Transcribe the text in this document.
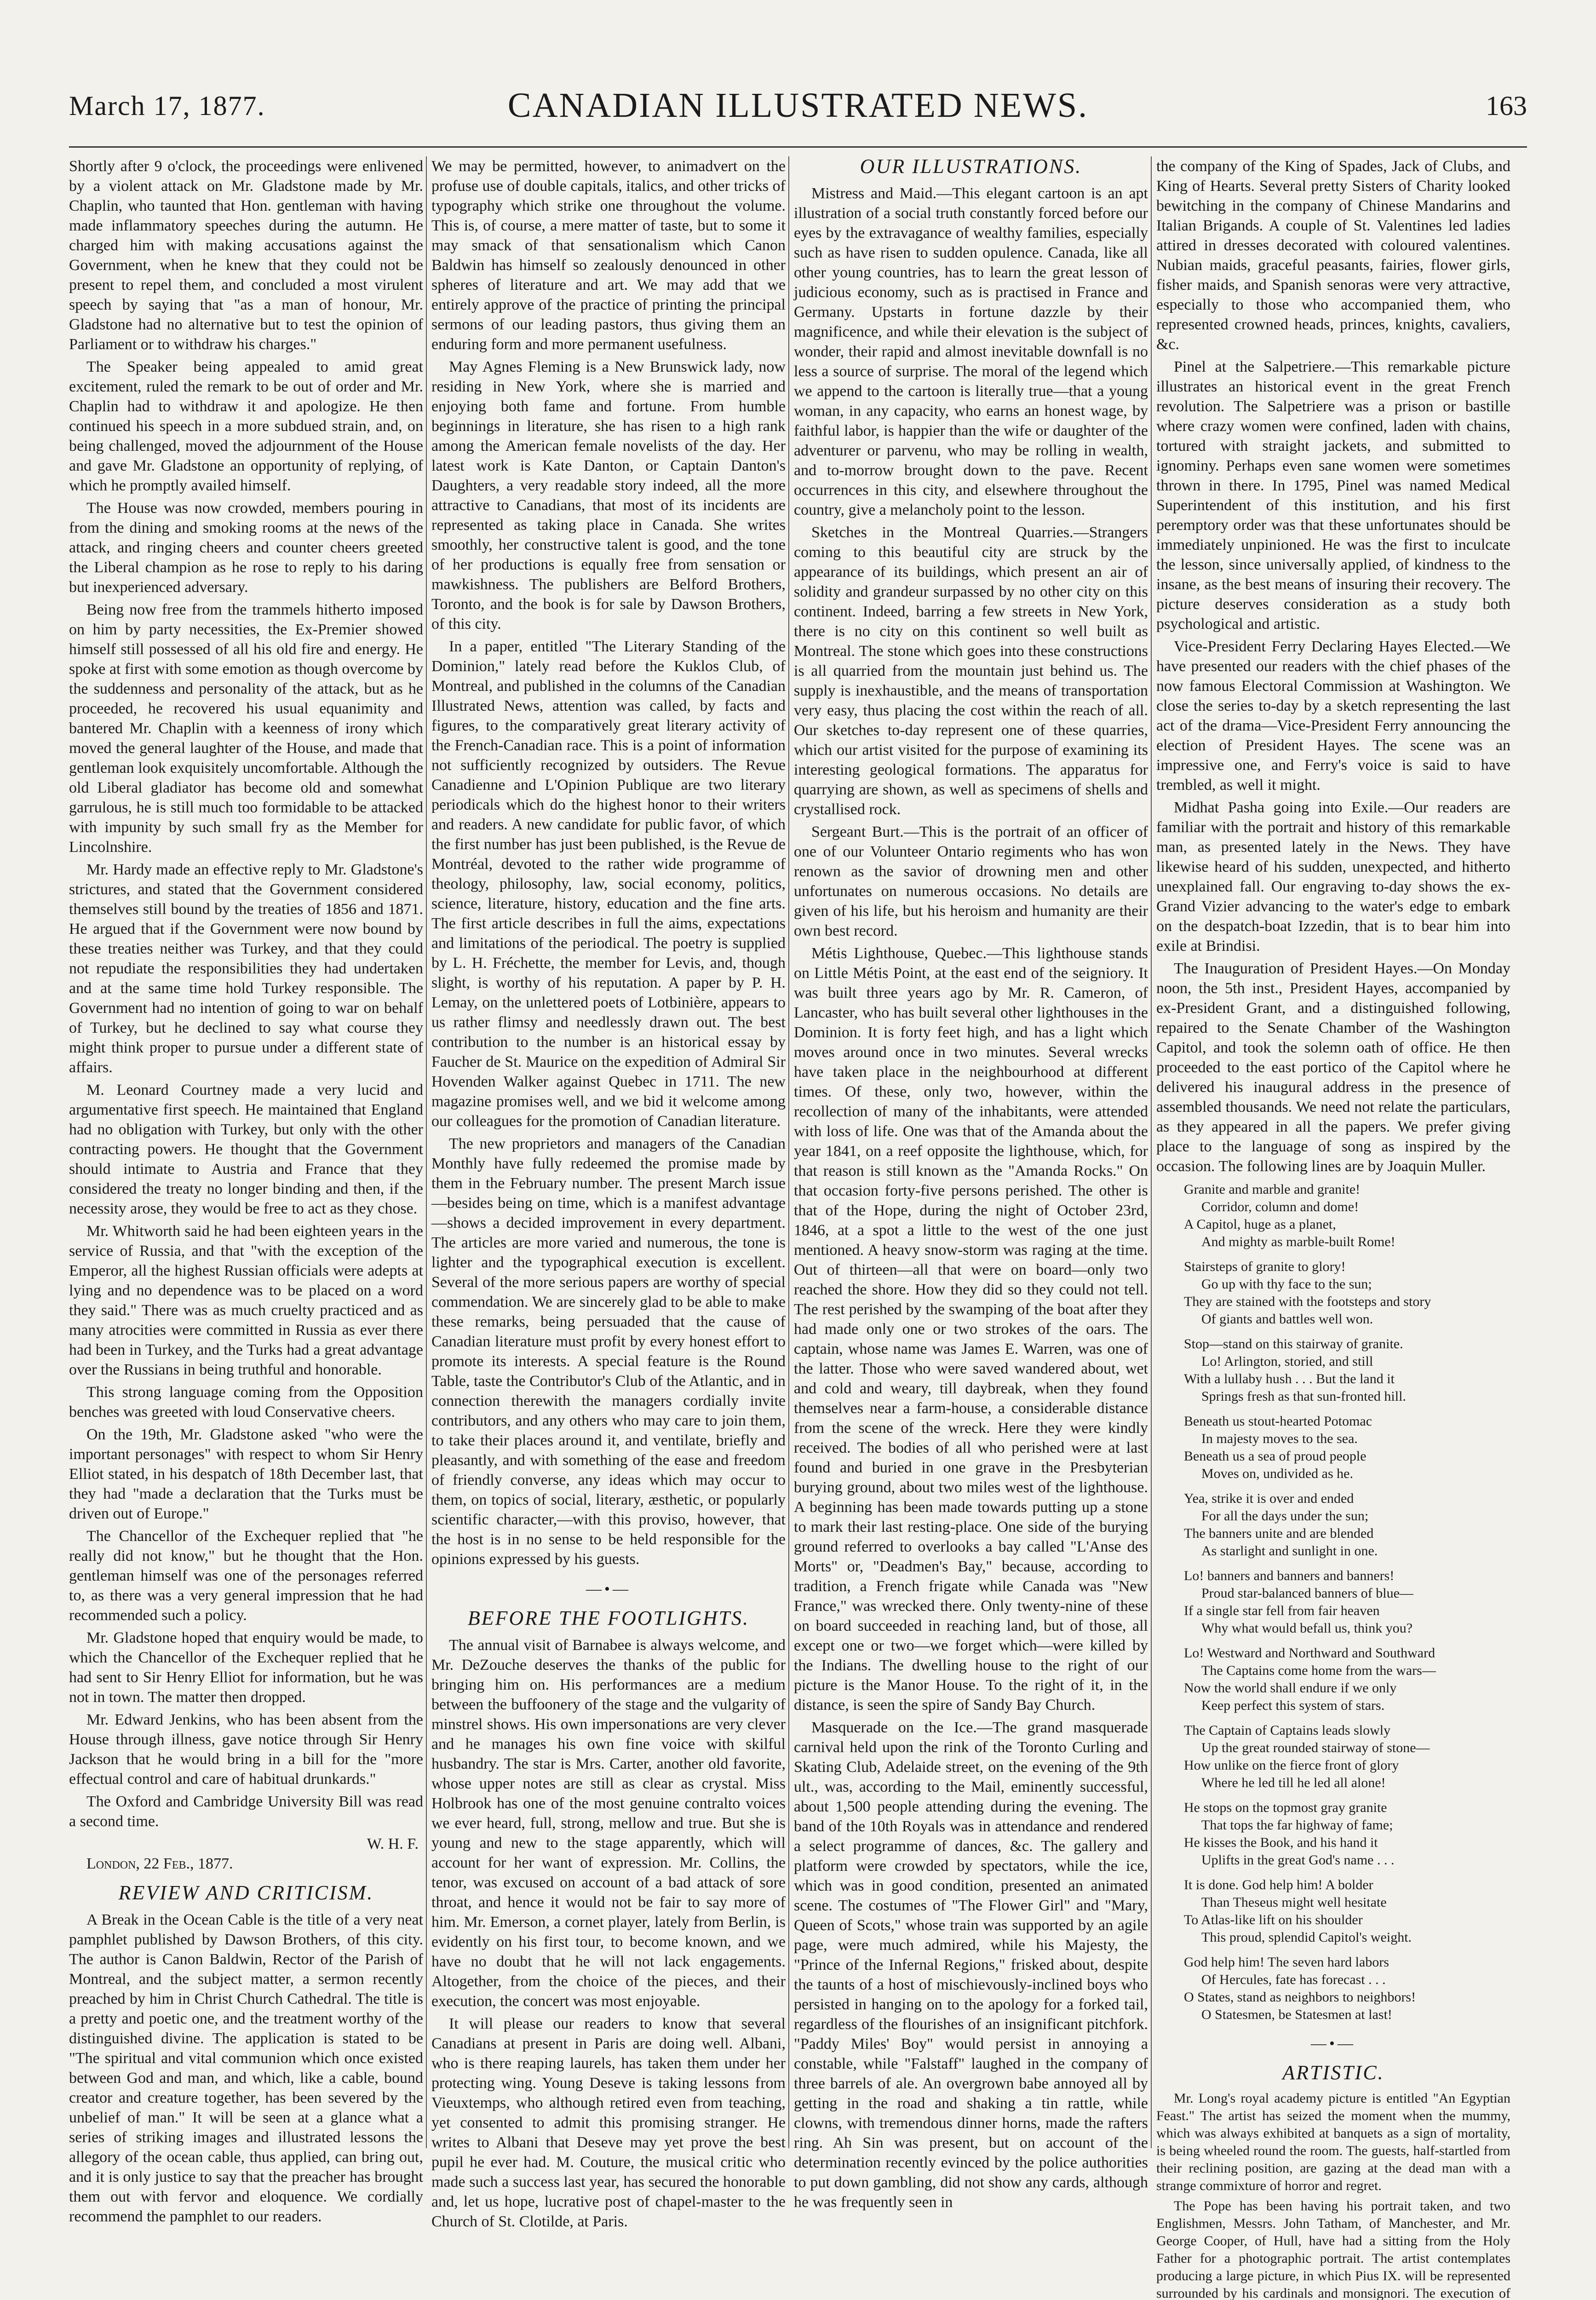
March 17, 1877.	CANADIAN ILLUSTRATED NEWS.	163

Shortly after 9 o'clock, the proceedings were enlivened by a violent attack on Mr. Gladstone made by Mr. Chaplin, who taunted that Hon. gentleman with having made inflammatory speeches during the autumn. He charged him with making accusations against the Government, when he knew that they could not be present to repel them, and concluded a most virulent speech by saying that "as a man of honour, Mr. Gladstone had no alternative but to test the opinion of Parliament or to withdraw his charges."

The Speaker being appealed to amid great excitement, ruled the remark to be out of order and Mr. Chaplin had to withdraw it and apologize. He then continued his speech in a more subdued strain, and, on being challenged, moved the adjournment of the House and gave Mr. Gladstone an opportunity of replying, of which he promptly availed himself.

The House was now crowded, members pouring in from the dining and smoking rooms at the news of the attack, and ringing cheers and counter cheers greeted the Liberal champion as he rose to reply to his daring but inexperienced adversary.

Being now free from the trammels hitherto imposed on him by party necessities, the Ex-Premier showed himself still possessed of all his old fire and energy. He spoke at first with some emotion as though overcome by the suddenness and personality of the attack, but as he proceeded, he recovered his usual equanimity and bantered Mr. Chaplin with a keenness of irony which moved the general laughter of the House, and made that gentleman look exquisitely uncomfortable. Although the old Liberal gladiator has become old and somewhat garrulous, he is still much too formidable to be attacked with impunity by such small fry as the Member for Lincolnshire.

Mr. Hardy made an effective reply to Mr. Gladstone's strictures, and stated that the Government considered themselves still bound by the treaties of 1856 and 1871. He argued that if the Government were now bound by these treaties neither was Turkey, and that they could not repudiate the responsibilities they had undertaken and at the same time hold Turkey responsible. The Government had no intention of going to war on behalf of Turkey, but he declined to say what course they might think proper to pursue under a different state of affairs.

M. Leonard Courtney made a very lucid and argumentative first speech. He maintained that England had no obligation with Turkey, but only with the other contracting powers. He thought that the Government should intimate to Austria and France that they considered the treaty no longer binding and then, if the necessity arose, they would be free to act as they chose.

Mr. Whitworth said he had been eighteen years in the service of Russia, and that "with the exception of the Emperor, all the highest Russian officials were adepts at lying and no dependence was to be placed on a word they said." There was as much cruelty practiced and as many atrocities were committed in Russia as ever there had been in Turkey, and the Turks had a great advantage over the Russians in being truthful and honorable.

This strong language coming from the Opposition benches was greeted with loud Conservative cheers.

On the 19th, Mr. Gladstone asked "who were the important personages" with respect to whom Sir Henry Elliot stated, in his despatch of 18th December last, that they had "made a declaration that the Turks must be driven out of Europe."

The Chancellor of the Exchequer replied that "he really did not know," but he thought that the Hon. gentleman himself was one of the personages referred to, as there was a very general impression that he had recommended such a policy.

Mr. Gladstone hoped that enquiry would be made, to which the Chancellor of the Exchequer replied that he had sent to Sir Henry Elliot for information, but he was not in town. The matter then dropped.

Mr. Edward Jenkins, who has been absent from the House through illness, gave notice through Sir Henry Jackson that he would bring in a bill for the "more effectual control and care of habitual drunkards."

The Oxford and Cambridge University Bill was read a second time.

W. H. F.
London, 22 Feb., 1877.
REVIEW AND CRITICISM.

A Break in the Ocean Cable is the title of a very neat pamphlet published by Dawson Brothers, of this city. The author is Canon Baldwin, Rector of the Parish of Montreal, and the subject matter, a sermon recently preached by him in Christ Church Cathedral. The title is a pretty and poetic one, and the treatment worthy of the distinguished divine. The application is stated to be "The spiritual and vital communion which once existed between God and man, and which, like a cable, bound creator and creature together, has been severed by the unbelief of man." It will be seen at a glance what a series of striking images and illustrated lessons the allegory of the ocean cable, thus applied, can bring out, and it is only justice to say that the preacher has brought them out with fervor and eloquence. We cordially recommend the pamphlet to our readers.

We may be permitted, however, to animadvert on the profuse use of double capitals, italics, and other tricks of typography which strike one throughout the volume. This is, of course, a mere matter of taste, but to some it may smack of that sensationalism which Canon Baldwin has himself so zealously denounced in other spheres of literature and art. We may add that we entirely approve of the practice of printing the principal sermons of our leading pastors, thus giving them an enduring form and more permanent usefulness.

May Agnes Fleming is a New Brunswick lady, now residing in New York, where she is married and enjoying both fame and fortune. From humble beginnings in literature, she has risen to a high rank among the American female novelists of the day. Her latest work is Kate Danton, or Captain Danton's Daughters, a very readable story indeed, all the more attractive to Canadians, that most of its incidents are represented as taking place in Canada. She writes smoothly, her constructive talent is good, and the tone of her productions is equally free from sensation or mawkishness. The publishers are Belford Brothers, Toronto, and the book is for sale by Dawson Brothers, of this city.

In a paper, entitled "The Literary Standing of the Dominion," lately read before the Kuklos Club, of Montreal, and published in the columns of the Canadian Illustrated News, attention was called, by facts and figures, to the comparatively great literary activity of the French-Canadian race. This is a point of information not sufficiently recognized by outsiders. The Revue Canadienne and L'Opinion Publique are two literary periodicals which do the highest honor to their writers and readers. A new candidate for public favor, of which the first number has just been published, is the Revue de Montréal, devoted to the rather wide programme of theology, philosophy, law, social economy, politics, science, literature, history, education and the fine arts. The first article describes in full the aims, expectations and limitations of the periodical. The poetry is supplied by L. H. Fréchette, the member for Levis, and, though slight, is worthy of his reputation. A paper by P. H. Lemay, on the unlettered poets of Lotbinière, appears to us rather flimsy and needlessly drawn out. The best contribution to the number is an historical essay by Faucher de St. Maurice on the expedition of Admiral Sir Hovenden Walker against Quebec in 1711. The new magazine promises well, and we bid it welcome among our colleagues for the promotion of Canadian literature.

The new proprietors and managers of the Canadian Monthly have fully redeemed the promise made by them in the February number. The present March issue—besides being on time, which is a manifest advantage—shows a decided improvement in every department. The articles are more varied and numerous, the tone is lighter and the typographical execution is excellent. Several of the more serious papers are worthy of special commendation. We are sincerely glad to be able to make these remarks, being persuaded that the cause of Canadian literature must profit by every honest effort to promote its interests. A special feature is the Round Table, taste the Contributor's Club of the Atlantic, and in connection therewith the managers cordially invite contributors, and any others who may care to join them, to take their places around it, and ventilate, briefly and pleasantly, and with something of the ease and freedom of friendly converse, any ideas which may occur to them, on topics of social, literary, æsthetic, or popularly scientific character,—with this proviso, however, that the host is in no sense to be held responsible for the opinions expressed by his guests.

—•—
BEFORE THE FOOTLIGHTS.

The annual visit of Barnabee is always welcome, and Mr. DeZouche deserves the thanks of the public for bringing him on. His performances are a medium between the buffoonery of the stage and the vulgarity of minstrel shows. His own impersonations are very clever and he manages his own fine voice with skilful husbandry. The star is Mrs. Carter, another old favorite, whose upper notes are still as clear as crystal. Miss Holbrook has one of the most genuine contralto voices we ever heard, full, strong, mellow and true. But she is young and new to the stage apparently, which will account for her want of expression. Mr. Collins, the tenor, was excused on account of a bad attack of sore throat, and hence it would not be fair to say more of him. Mr. Emerson, a cornet player, lately from Berlin, is evidently on his first tour, to become known, and we have no doubt that he will not lack engagements. Altogether, from the choice of the pieces, and their execution, the concert was most enjoyable.

It will please our readers to know that several Canadians at present in Paris are doing well. Albani, who is there reaping laurels, has taken them under her protecting wing. Young Deseve is taking lessons from Vieuxtemps, who although retired even from teaching, yet consented to admit this promising stranger. He writes to Albani that Deseve may yet prove the best pupil he ever had. M. Couture, the musical critic who made such a success last year, has secured the honorable and, let us hope, lucrative post of chapel-master to the Church of St. Clotilde, at Paris.

OUR ILLUSTRATIONS.

Mistress and Maid.—This elegant cartoon is an apt illustration of a social truth constantly forced before our eyes by the extravagance of wealthy families, especially such as have risen to sudden opulence. Canada, like all other young countries, has to learn the great lesson of judicious economy, such as is practised in France and Germany. Upstarts in fortune dazzle by their magnificence, and while their elevation is the subject of wonder, their rapid and almost inevitable downfall is no less a source of surprise. The moral of the legend which we append to the cartoon is literally true—that a young woman, in any capacity, who earns an honest wage, by faithful labor, is happier than the wife or daughter of the adventurer or parvenu, who may be rolling in wealth, and to-morrow brought down to the pave. Recent occurrences in this city, and elsewhere throughout the country, give a melancholy point to the lesson.

Sketches in the Montreal Quarries.—Strangers coming to this beautiful city are struck by the appearance of its buildings, which present an air of solidity and grandeur surpassed by no other city on this continent. Indeed, barring a few streets in New York, there is no city on this continent so well built as Montreal. The stone which goes into these constructions is all quarried from the mountain just behind us. The supply is inexhaustible, and the means of transportation very easy, thus placing the cost within the reach of all. Our sketches to-day represent one of these quarries, which our artist visited for the purpose of examining its interesting geological formations. The apparatus for quarrying are shown, as well as specimens of shells and crystallised rock.

Sergeant Burt.—This is the portrait of an officer of one of our Volunteer Ontario regiments who has won renown as the savior of drowning men and other unfortunates on numerous occasions. No details are given of his life, but his heroism and humanity are their own best record.

Métis Lighthouse, Quebec.—This lighthouse stands on Little Métis Point, at the east end of the seigniory. It was built three years ago by Mr. R. Cameron, of Lancaster, who has built several other lighthouses in the Dominion. It is forty feet high, and has a light which moves around once in two minutes. Several wrecks have taken place in the neighbourhood at different times. Of these, only two, however, within the recollection of many of the inhabitants, were attended with loss of life. One was that of the Amanda about the year 1841, on a reef opposite the lighthouse, which, for that reason is still known as the "Amanda Rocks." On that occasion forty-five persons perished. The other is that of the Hope, during the night of October 23rd, 1846, at a spot a little to the west of the one just mentioned. A heavy snow-storm was raging at the time. Out of thirteen—all that were on board—only two reached the shore. How they did so they could not tell. The rest perished by the swamping of the boat after they had made only one or two strokes of the oars. The captain, whose name was James E. Warren, was one of the latter. Those who were saved wandered about, wet and cold and weary, till daybreak, when they found themselves near a farm-house, a considerable distance from the scene of the wreck. Here they were kindly received. The bodies of all who perished were at last found and buried in one grave in the Presbyterian burying ground, about two miles west of the lighthouse. A beginning has been made towards putting up a stone to mark their last resting-place. One side of the burying ground referred to overlooks a bay called "L'Anse des Morts" or, "Deadmen's Bay," because, according to tradition, a French frigate while Canada was "New France," was wrecked there. Only twenty-nine of these on board succeeded in reaching land, but of those, all except one or two—we forget which—were killed by the Indians. The dwelling house to the right of our picture is the Manor House. To the right of it, in the distance, is seen the spire of Sandy Bay Church.

Masquerade on the Ice.—The grand masquerade carnival held upon the rink of the Toronto Curling and Skating Club, Adelaide street, on the evening of the 9th ult., was, according to the Mail, eminently successful, about 1,500 people attending during the evening. The band of the 10th Royals was in attendance and rendered a select programme of dances, &c. The gallery and platform were crowded by spectators, while the ice, which was in good condition, presented an animated scene. The costumes of "The Flower Girl" and "Mary, Queen of Scots," whose train was supported by an agile page, were much admired, while his Majesty, the "Prince of the Infernal Regions," frisked about, despite the taunts of a host of mischievously-inclined boys who persisted in hanging on to the apology for a forked tail, regardless of the flourishes of an insignificant pitchfork. "Paddy Miles' Boy" would persist in annoying a constable, while "Falstaff" laughed in the company of three barrels of ale. An overgrown babe annoyed all by getting in the road and shaking a tin rattle, while clowns, with tremendous dinner horns, made the rafters ring. Ah Sin was present, but on account of the determination recently evinced by the police authorities to put down gambling, did not show any cards, although he was frequently seen in

the company of the King of Spades, Jack of Clubs, and King of Hearts. Several pretty Sisters of Charity looked bewitching in the company of Chinese Mandarins and Italian Brigands. A couple of St. Valentines led ladies attired in dresses decorated with coloured valentines. Nubian maids, graceful peasants, fairies, flower girls, fisher maids, and Spanish senoras were very attractive, especially to those who accompanied them, who represented crowned heads, princes, knights, cavaliers, &c.

Pinel at the Salpetriere.—This remarkable picture illustrates an historical event in the great French revolution. The Salpetriere was a prison or bastille where crazy women were confined, laden with chains, tortured with straight jackets, and submitted to ignominy. Perhaps even sane women were sometimes thrown in there. In 1795, Pinel was named Medical Superintendent of this institution, and his first peremptory order was that these unfortunates should be immediately unpinioned. He was the first to inculcate the lesson, since universally applied, of kindness to the insane, as the best means of insuring their recovery. The picture deserves consideration as a study both psychological and artistic.

Vice-President Ferry Declaring Hayes Elected.—We have presented our readers with the chief phases of the now famous Electoral Commission at Washington. We close the series to-day by a sketch representing the last act of the drama—Vice-President Ferry announcing the election of President Hayes. The scene was an impressive one, and Ferry's voice is said to have trembled, as well it might.

Midhat Pasha going into Exile.—Our readers are familiar with the portrait and history of this remarkable man, as presented lately in the News. They have likewise heard of his sudden, unexpected, and hitherto unexplained fall. Our engraving to-day shows the ex-Grand Vizier advancing to the water's edge to embark on the despatch-boat Izzedin, that is to bear him into exile at Brindisi.

The Inauguration of President Hayes.—On Monday noon, the 5th inst., President Hayes, accompanied by ex-President Grant, and a distinguished following, repaired to the Senate Chamber of the Washington Capitol, and took the solemn oath of office. He then proceeded to the east portico of the Capitol where he delivered his inaugural address in the presence of assembled thousands. We need not relate the particulars, as they appeared in all the papers. We prefer giving place to the language of song as inspired by the occasion. The following lines are by Joaquin Muller.

Granite and marble and granite!
Corridor, column and dome!
A Capitol, huge as a planet,
And mighty as marble-built Rome!
Stairsteps of granite to glory!
Go up with thy face to the sun;
They are stained with the footsteps and story
Of giants and battles well won.
Stop—stand on this stairway of granite.
Lo! Arlington, storied, and still
With a lullaby hush . . . But the land it
Springs fresh as that sun-fronted hill.
Beneath us stout-hearted Potomac
In majesty moves to the sea.
Beneath us a sea of proud people
Moves on, undivided as he.
Yea, strike it is over and ended
For all the days under the sun;
The banners unite and are blended
As starlight and sunlight in one.
Lo! banners and banners and banners!
Proud star-balanced banners of blue—
If a single star fell from fair heaven
Why what would befall us, think you?
Lo! Westward and Northward and Southward
The Captains come home from the wars—
Now the world shall endure if we only
Keep perfect this system of stars.
The Captain of Captains leads slowly
Up the great rounded stairway of stone—
How unlike on the fierce front of glory
Where he led till he led all alone!
He stops on the topmost gray granite
That tops the far highway of fame;
He kisses the Book, and his hand it
Uplifts in the great God's name . . .
It is done. God help him! A bolder
Than Theseus might well hesitate
To Atlas-like lift on his shoulder
This proud, splendid Capitol's weight.
God help him! The seven hard labors
Of Hercules, fate has forecast . . .
O States, stand as neighbors to neighbors!
O Statesmen, be Statesmen at last!
—•—
ARTISTIC.

Mr. Long's royal academy picture is entitled "An Egyptian Feast." The artist has seized the moment when the mummy, which was always exhibited at banquets as a sign of mortality, is being wheeled round the room. The guests, half-startled from their reclining position, are gazing at the dead man with a strange commixture of horror and regret.

The Pope has been having his portrait taken, and two Englishmen, Messrs. John Tatham, of Manchester, and Mr. George Cooper, of Hull, have had a sitting from the Holy Father for a photographic portrait. The artist contemplates producing a large picture, in which Pius IX. will be represented surrounded by his cardinals and monsignori. The execution of
